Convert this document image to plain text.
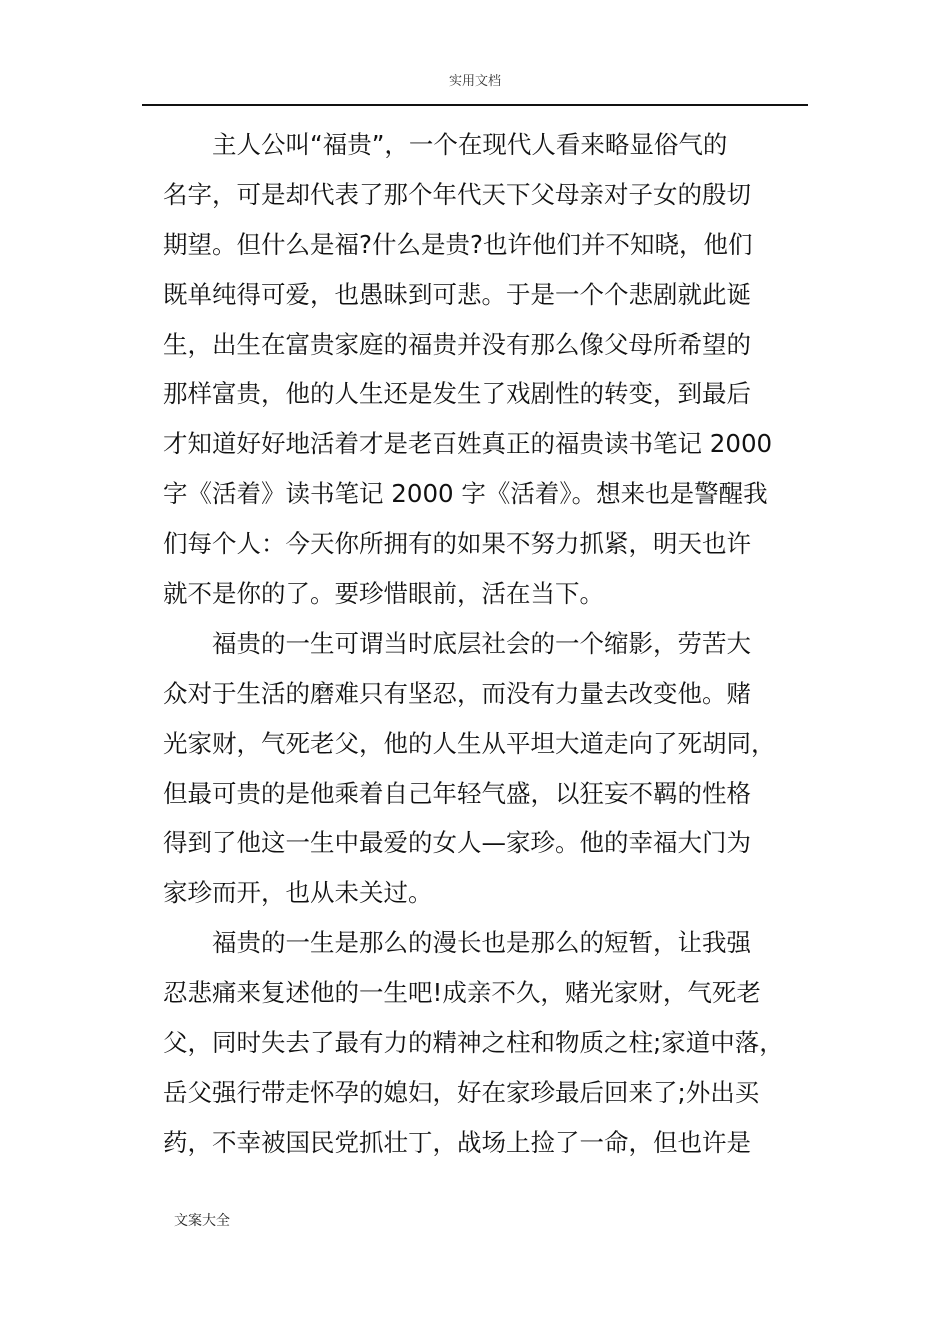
实用文档
主人公叫“福贵”，一个在现代人看来略显俗气的
名字，可是却代表了那个年代天下父母亲对子女的殷切
期望。但什么是福?什么是贵?也许他们并不知晓，他们
既单纯得可爱，也愚昧到可悲。于是一个个悲剧就此诞
生，出生在富贵家庭的福贵并没有那么像父母所希望的
那样富贵，他的人生还是发生了戏剧性的转变，到最后
才知道好好地活着才是老百姓真正的福贵读书笔记 2000
字《活着》读书笔记 2000 字《活着》。想来也是警醒我
们每个人：今天你所拥有的如果不努力抓紧，明天也许
就不是你的了。要珍惜眼前，活在当下。
福贵的一生可谓当时底层社会的一个缩影，劳苦大
众对于生活的磨难只有坚忍，而没有力量去改变他。赌
光家财，气死老父，他的人生从平坦大道走向了死胡同，
但最可贵的是他乘着自己年轻气盛，以狂妄不羁的性格
得到了他这一生中最爱的女人—家珍。他的幸福大门为
家珍而开，也从未关过。
福贵的一生是那么的漫长也是那么的短暂，让我强
忍悲痛来复述他的一生吧!成亲不久，赌光家财，气死老
父，同时失去了最有力的精神之柱和物质之柱;家道中落，
岳父强行带走怀孕的媳妇，好在家珍最后回来了;外出买
药，不幸被国民党抓壮丁，战场上捡了一命，但也许是
文案大全
